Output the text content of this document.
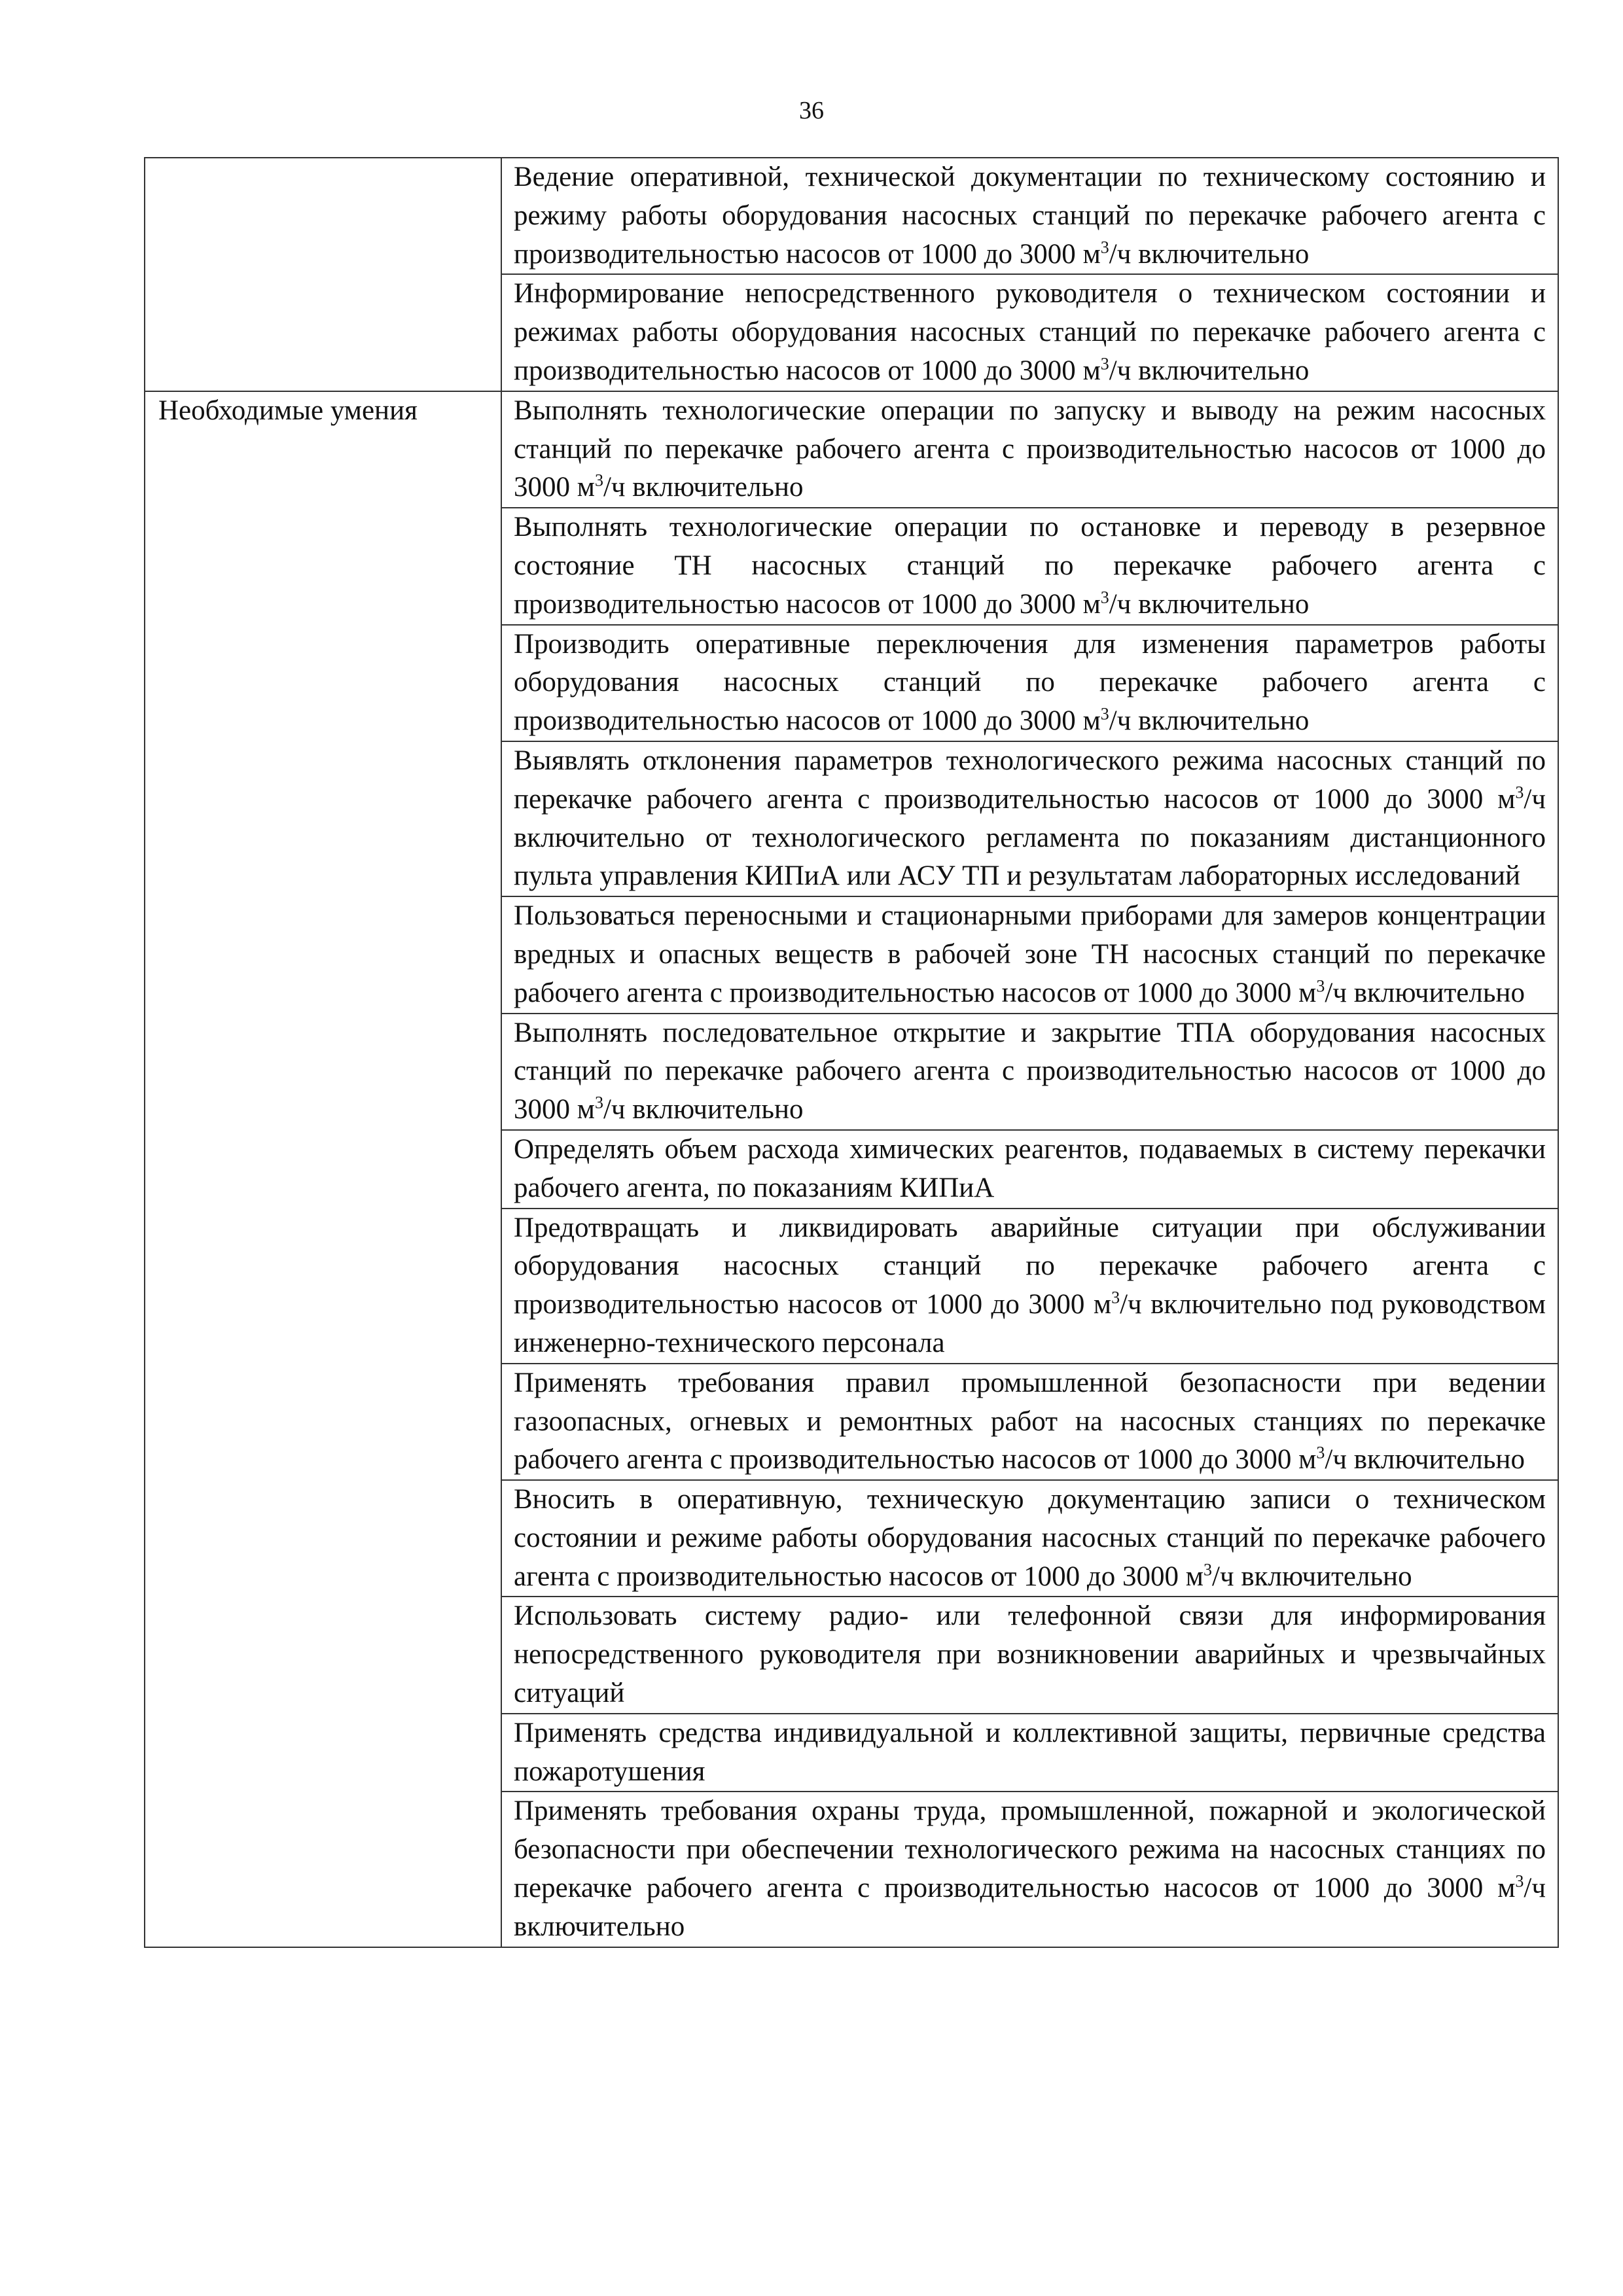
36
	Ведение оперативной, технической документации по техническому состоянию и режиму работы оборудования насосных станций по перекачке рабочего агента с производительностью насосов от 1000 до 3000 $м^3/ч$ включительно
	Информирование непосредственного руководителя о техническом состоянии и режимах работы оборудования насосных станций по перекачке рабочего агента с производительностью насосов от 1000 до 3000 $м^3/ч$ включительно
Необходимые умения	Выполнять технологические операции по запуску и выводу на режим насосных станций по перекачке рабочего агента с производительностью насосов от 1000 до 3000 $м^3/ч$ включительно
	Выполнять технологические операции по остановке и переводу в резервное состояние ТН насосных станций по перекачке рабочего агента с производительностью насосов от 1000 до 3000 $м^3/ч$ включительно
	Производить оперативные переключения для изменения параметров работы оборудования насосных станций по перекачке рабочего агента с производительностью насосов от 1000 до 3000 $м^3/ч$ включительно
	Выявлять отклонения параметров технологического режима насосных станций по перекачке рабочего агента с производительностью насосов от 1000 до 3000 $м^3/ч$ включительно от технологического регламента по показаниям дистанционного пульта управления КИПиА или АСУ ТП и результатам лабораторных исследований
	Пользоваться переносными и стационарными приборами для замеров концентрации вредных и опасных веществ в рабочей зоне ТН насосных станций по перекачке рабочего агента с производительностью насосов от 1000 до 3000 $м^3/ч$ включительно
	Выполнять последовательное открытие и закрытие ТПА оборудования насосных станций по перекачке рабочего агента с производительностью насосов от 1000 до 3000 $м^3/ч$ включительно
	Определять объем расхода химических реагентов, подаваемых в систему перекачки рабочего агента, по показаниям КИПиА
	Предотвращать и ликвидировать аварийные ситуации при обслуживании оборудования насосных станций по перекачке рабочего агента с производительностью насосов от 1000 до 3000 $м^3/ч$ включительно под руководством инженерно-технического персонала
	Применять требования правил промышленной безопасности при ведении газоопасных, огневых и ремонтных работ на насосных станциях по перекачке рабочего агента с производительностью насосов от 1000 до 3000 $м^3/ч$ включительно
	Вносить в оперативную, техническую документацию записи о техническом состоянии и режиме работы оборудования насосных станций по перекачке рабочего агента с производительностью насосов от 1000 до 3000 $м^3/ч$ включительно
	Использовать систему радио- или телефонной связи для информирования непосредственного руководителя при возникновении аварийных и чрезвычайных ситуаций
	Применять средства индивидуальной и коллективной защиты, первичные средства пожаротушения
	Применять требования охраны труда, промышленной, пожарной и экологической безопасности при обеспечении технологического режима на насосных станциях по перекачке рабочего агента с производительностью насосов от 1000 до 3000 $м^3/ч$ включительно
